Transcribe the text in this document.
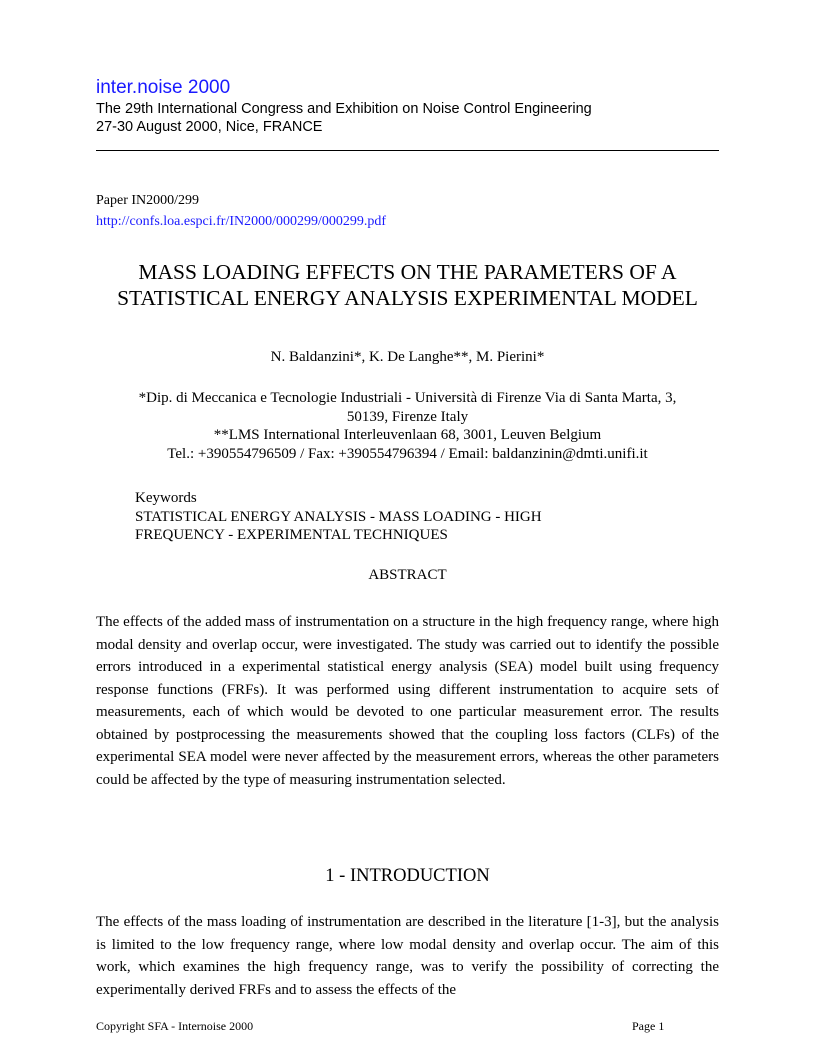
inter.noise 2000
The 29th International Congress and Exhibition on Noise Control Engineering
27-30 August 2000, Nice, FRANCE
Paper IN2000/299
http://confs.loa.espci.fr/IN2000/000299/000299.pdf
MASS LOADING EFFECTS ON THE PARAMETERS OF A STATISTICAL ENERGY ANALYSIS EXPERIMENTAL MODEL
N. Baldanzini*, K. De Langhe**, M. Pierini*
*Dip. di Meccanica e Tecnologie Industriali - Università di Firenze Via di Santa Marta, 3,
50139, Firenze Italy
**LMS International Interleuvenlaan 68, 3001, Leuven Belgium
Tel.: +390554796509 / Fax: +390554796394 / Email: baldanzinin@dmti.unifi.it
Keywords
STATISTICAL ENERGY ANALYSIS - MASS LOADING - HIGH
FREQUENCY - EXPERIMENTAL TECHNIQUES
ABSTRACT
The effects of the added mass of instrumentation on a structure in the high frequency range, where high modal density and overlap occur, were investigated. The study was carried out to identify the possible errors introduced in a experimental statistical energy analysis (SEA) model built using frequency response functions (FRFs). It was performed using different instrumentation to acquire sets of measurements, each of which would be devoted to one particular measurement error. The results obtained by postprocessing the measurements showed that the coupling loss factors (CLFs) of the experimental SEA model were never affected by the measurement errors, whereas the other parameters could be affected by the type of measuring instrumentation selected.
1 - INTRODUCTION
The effects of the mass loading of instrumentation are described in the literature [1-3], but the analysis is limited to the low frequency range, where low modal density and overlap occur. The aim of this work, which examines the high frequency range, was to verify the possibility of correcting the experimentally derived FRFs and to assess the effects of the
Copyright SFA - Internoise 2000	Page 1
